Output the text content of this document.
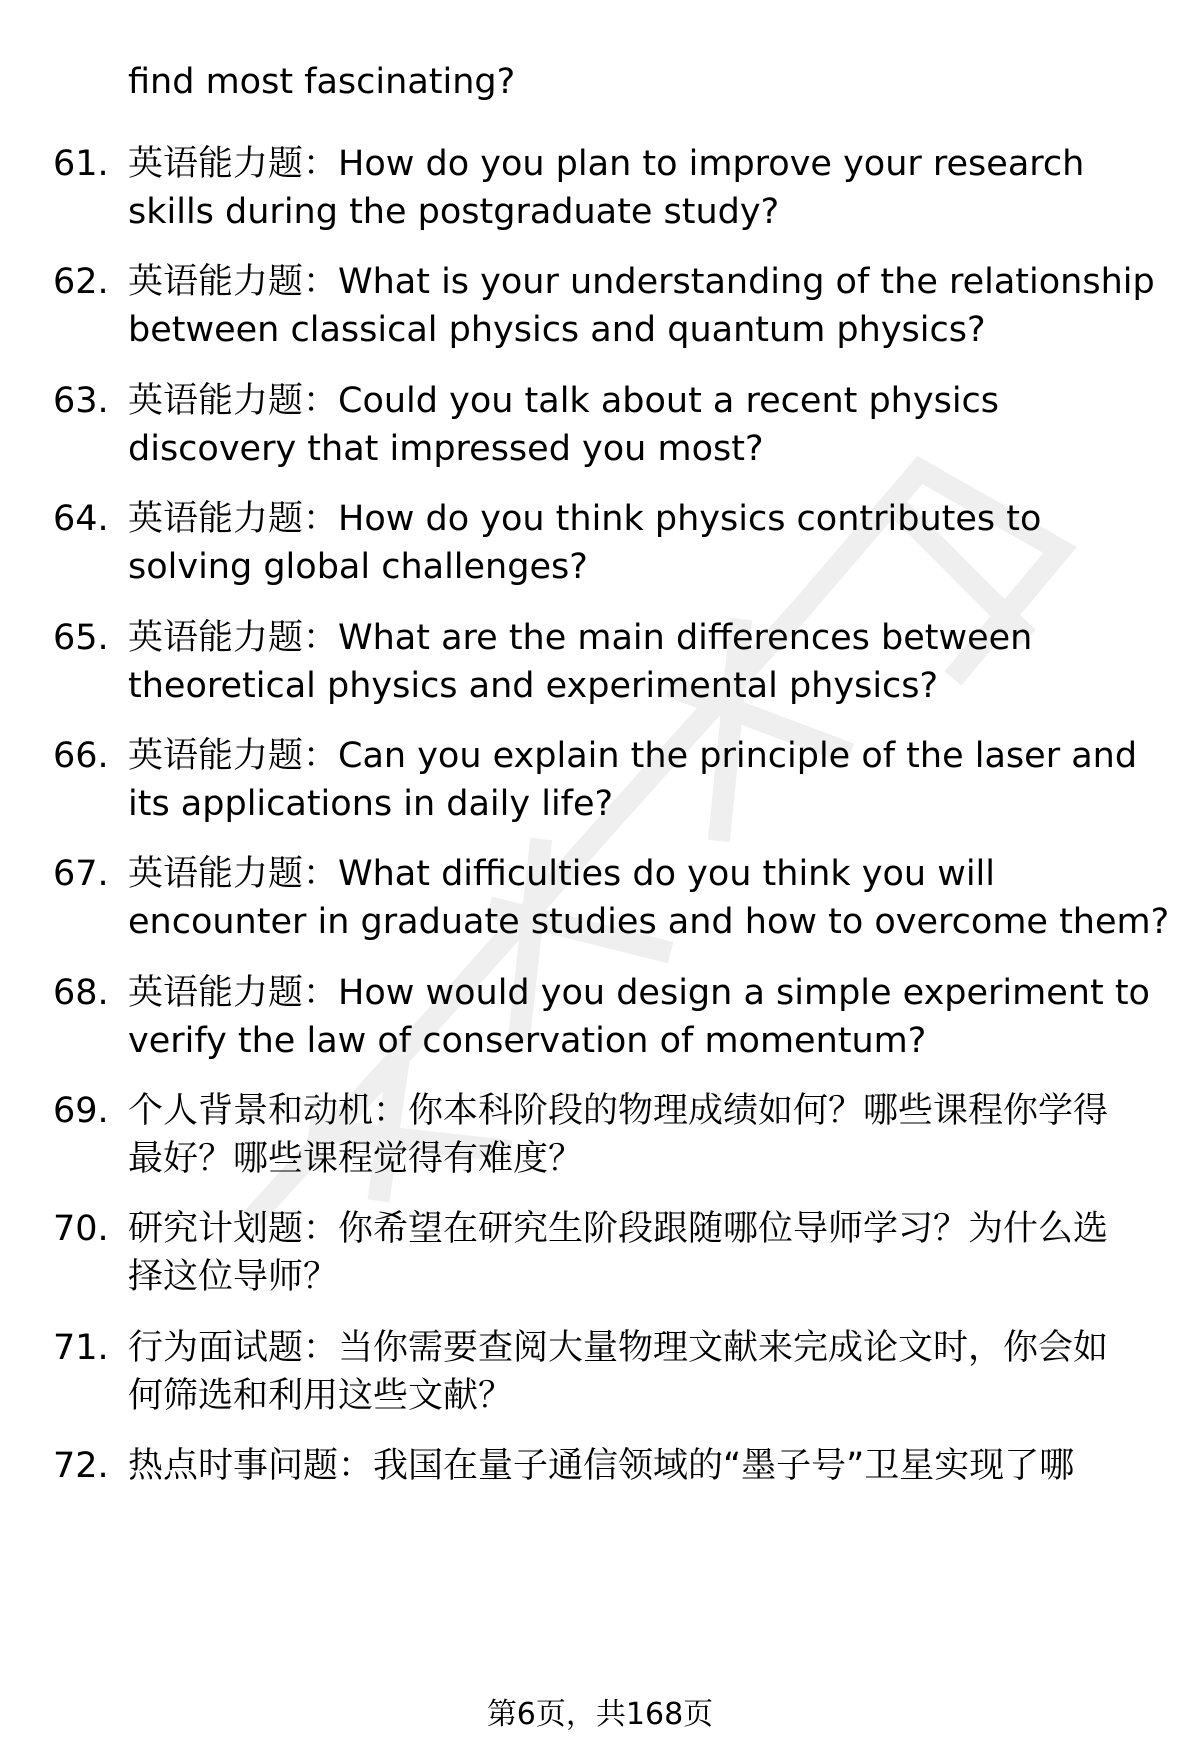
find most fascinating?
61. 英语能力题：How do you plan to improve your research
skills during the postgraduate study?
62. 英语能力题：What is your understanding of the relationship
between classical physics and quantum physics?
63. 英语能力题：Could you talk about a recent physics
discovery that impressed you most?
64. 英语能力题：How do you think physics contributes to
solving global challenges?
65. 英语能力题：What are the main differences between
theoretical physics and experimental physics?
66. 英语能力题：Can you explain the principle of the laser and
its applications in daily life?
67. 英语能力题：What difficulties do you think you will
encounter in graduate studies and how to overcome them?
68. 英语能力题：How would you design a simple experiment to
verify the law of conservation of momentum?
69. 个人背景和动机：你本科阶段的物理成绩如何？哪些课程你学得
最好？哪些课程觉得有难度？
70. 研究计划题：你希望在研究生阶段跟随哪位导师学习？为什么选
择这位导师？
71. 行为面试题：当你需要查阅大量物理文献来完成论文时，你会如
何筛选和利用这些文献？
72. 热点时事问题：我国在量子通信领域的“墨子号”卫星实现了哪
第6页，共168页
